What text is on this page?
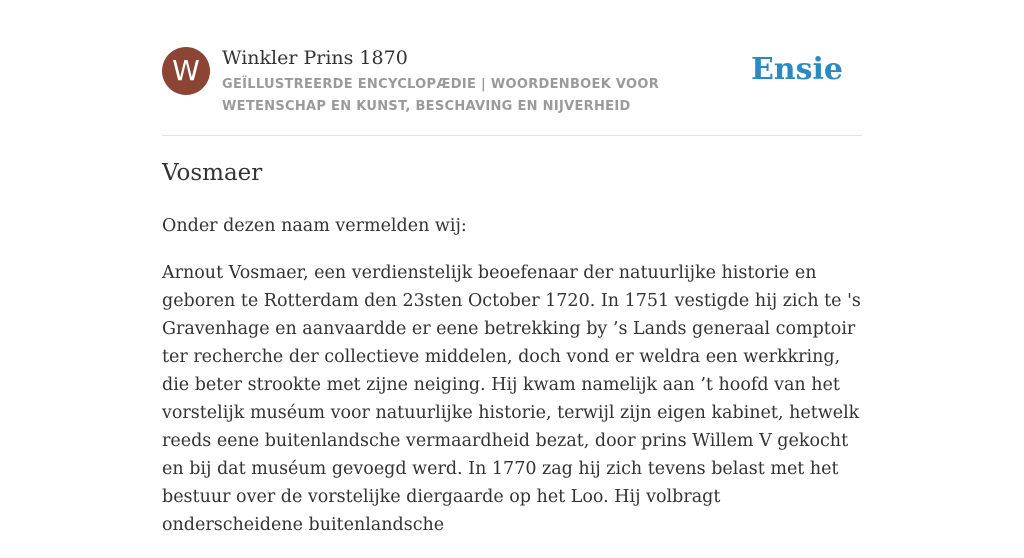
W	Winkler Prins 1870
GEÏLLUSTREERDE ENCYCLOPÆDIE | WOORDENBOEK VOOR WETENSCHAP EN KUNST, BESCHAVING EN NIJVERHEID
Ensie
Vosmaer

Onder dezen naam vermelden wij:

Arnout Vosmaer, een verdienstelijk beoefenaar der natuurlijke historie en geboren te Rotterdam den 23sten October 1720. In 1751 vestigde hij zich te 's Gravenhage en aanvaardde er eene betrekking by ’s Lands generaal comptoir ter recherche der collectieve middelen, doch vond er weldra een werkkring, die beter strookte met zijne neiging. Hij kwam namelijk aan ’t hoofd van het vorstelijk muséum voor natuurlijke historie, terwijl zijn eigen kabinet, hetwelk reeds eene buitenlandsche vermaardheid bezat, door prins Willem V gekocht en bij dat muséum gevoegd werd. In 1770 zag hij zich tevens belast met het bestuur over de vorstelijke diergaarde op het Loo. Hij volbragt onderscheidene buitenlandsche
